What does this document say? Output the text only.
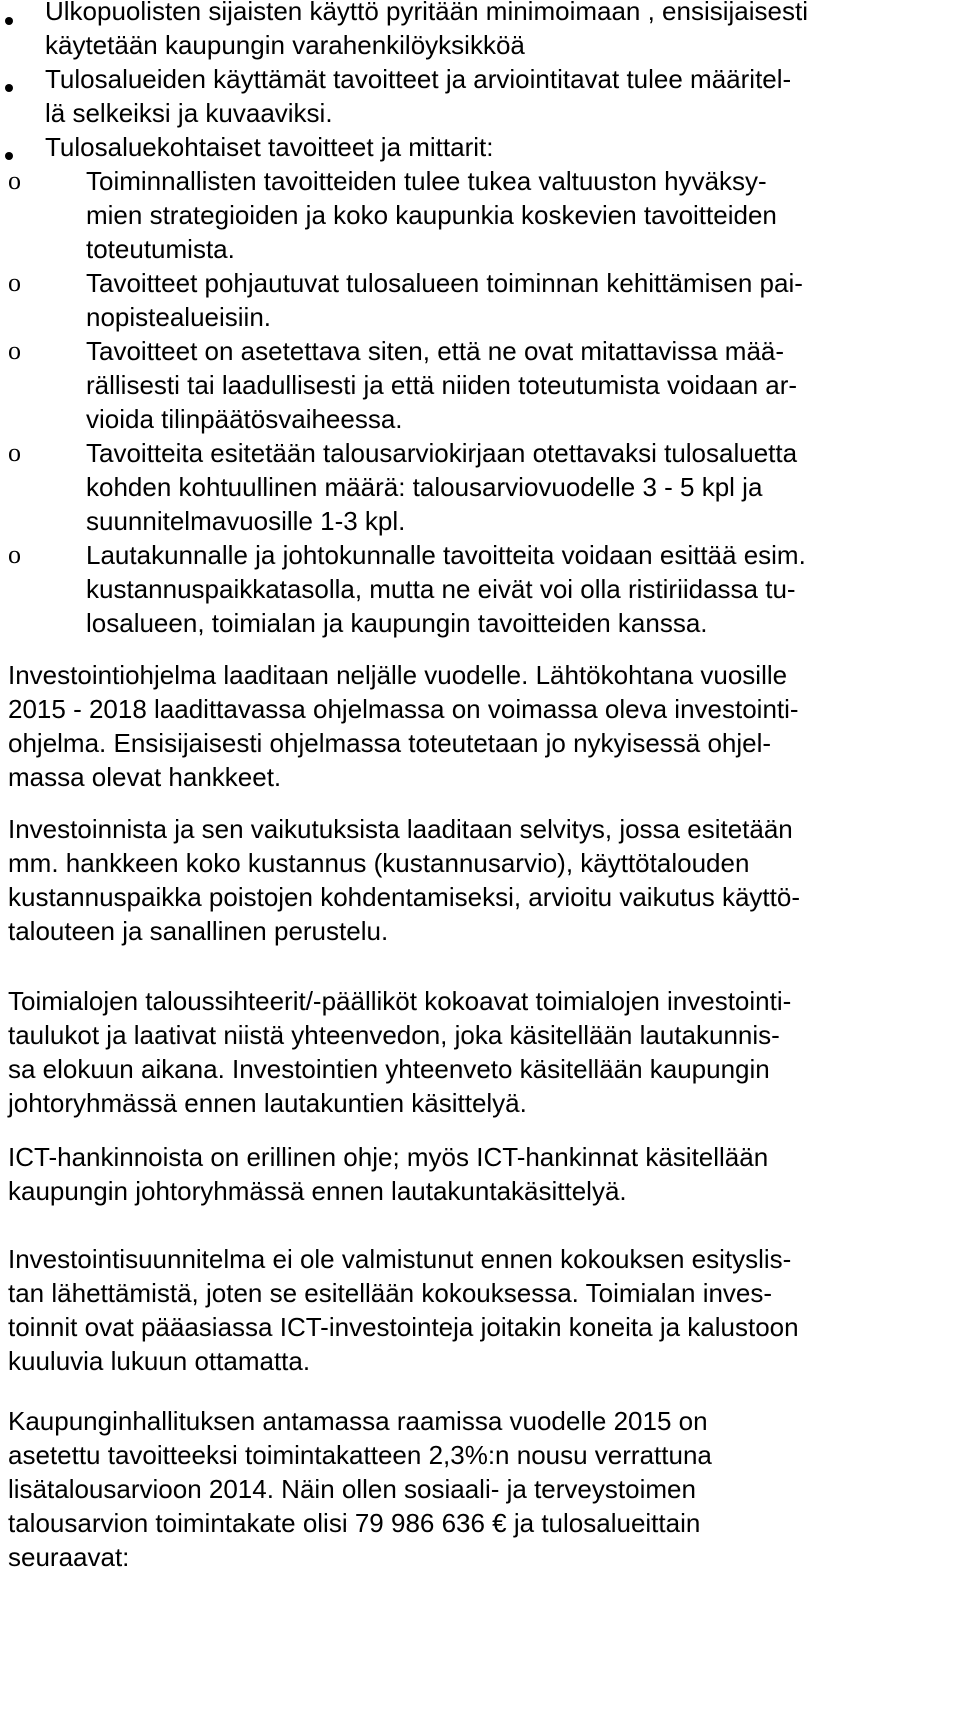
Ulkopuolisten sijaisten käyttö pyritään minimoimaan , ensisijaisesti
käytetään kaupungin varahenkilöyksikköä
Tulosalueiden käyttämät tavoitteet ja arviointitavat tulee määritel-
lä selkeiksi ja kuvaaviksi.
Tulosaluekohtaiset tavoitteet ja mittarit:
o	Toiminnallisten tavoitteiden tulee tukea valtuuston hyväksy-
mien strategioiden ja koko kaupunkia koskevien tavoitteiden
toteutumista.
o	Tavoitteet pohjautuvat tulosalueen toiminnan kehittämisen pai-
nopistealueisiin.
o	Tavoitteet on asetettava siten, että ne ovat mitattavissa mää-
rällisesti tai laadullisesti ja että niiden toteutumista voidaan ar-
vioida tilinpäätösvaiheessa.
o	Tavoitteita esitetään talousarviokirjaan otettavaksi tulosaluetta
kohden kohtuullinen määrä: talousarviovuodelle 3 - 5 kpl ja
suunnitelmavuosille 1-3 kpl.
o	Lautakunnalle ja johtokunnalle tavoitteita voidaan esittää esim.
kustannuspaikkatasolla, mutta ne eivät voi olla ristiriidassa tu-
losalueen, toimialan ja kaupungin tavoitteiden kanssa.
Investointiohjelma laaditaan neljälle vuodelle. Lähtökohtana vuosille
2015 - 2018 laadittavassa ohjelmassa on voimassa oleva investointi-
ohjelma. Ensisijaisesti ohjelmassa toteutetaan jo nykyisessä ohjel-
massa olevat hankkeet.
Investoinnista ja sen vaikutuksista laaditaan selvitys, jossa esitetään
mm. hankkeen koko kustannus (kustannusarvio), käyttötalouden
kustannuspaikka poistojen kohdentamiseksi, arvioitu vaikutus käyttö-
talouteen ja sanallinen perustelu.
Toimialojen taloussihteerit/-päälliköt kokoavat toimialojen investointi-
taulukot ja laativat niistä yhteenvedon, joka käsitellään lautakunnis-
sa elokuun aikana. Investointien yhteenveto käsitellään kaupungin
johtoryhmässä ennen lautakuntien käsittelyä.
ICT-hankinnoista on erillinen ohje; myös ICT-hankinnat käsitellään
kaupungin johtoryhmässä ennen lautakuntakäsittelyä.
Investointisuunnitelma ei ole valmistunut ennen kokouksen esityslis-
tan lähettämistä, joten se esitellään kokouksessa. Toimialan inves-
toinnit ovat pääasiassa ICT-investointeja joitakin koneita ja kalustoon
kuuluvia lukuun ottamatta.
Kaupunginhallituksen antamassa raamissa vuodelle 2015 on
asetettu tavoitteeksi toimintakatteen 2,3%:n nousu verrattuna
lisätalousarvioon 2014. Näin ollen sosiaali- ja terveystoimen
talousarvion toimintakate olisi 79 986 636 € ja tulosalueittain
seuraavat:
